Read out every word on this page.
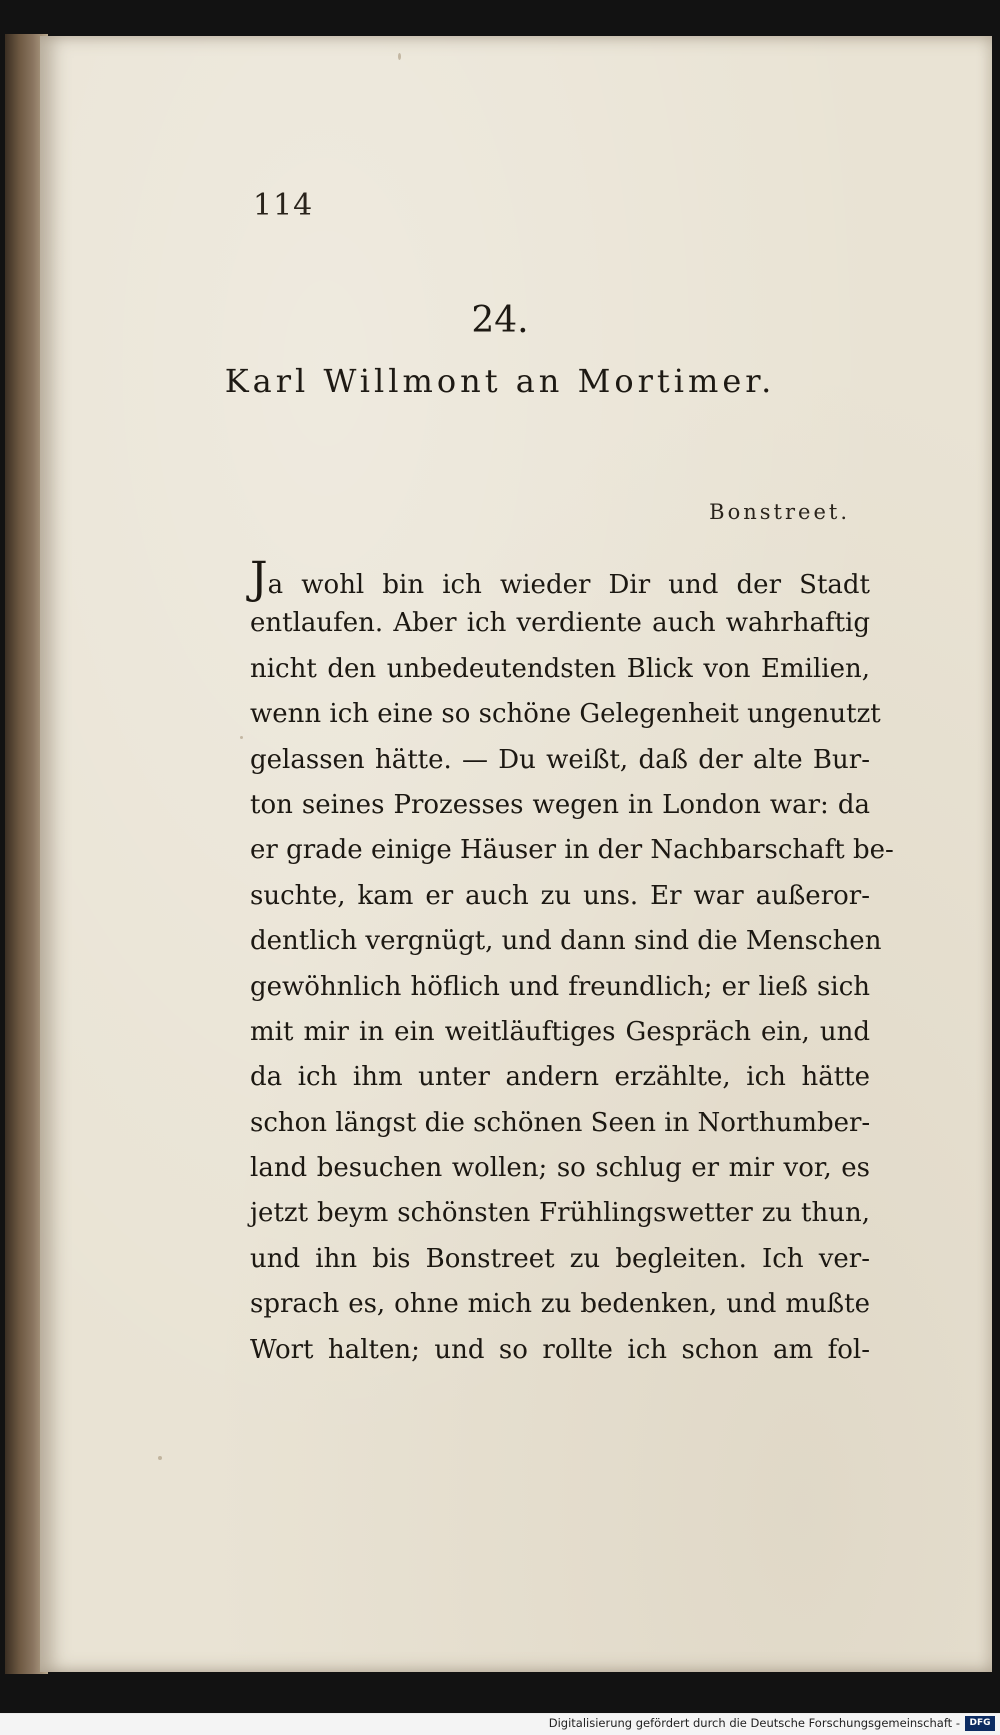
114
24.
Karl Willmont an Mortimer.
Bonstreet.
Ja wohl bin ich wieder Dir und der Stadt
entlaufen. Aber ich verdiente auch wahrhaftig
nicht den unbedeutendsten Blick von Emilien,
wenn ich eine so schöne Gelegenheit ungenutzt
gelassen hätte. — Du weißt, daß der alte Bur-
ton seines Prozesses wegen in London war: da
er grade einige Häuser in der Nachbarschaft be-
suchte, kam er auch zu uns. Er war außeror-
dentlich vergnügt, und dann sind die Menschen
gewöhnlich höflich und freundlich; er ließ sich
mit mir in ein weitläuftiges Gespräch ein, und
da ich ihm unter andern erzählte, ich hätte
schon längst die schönen Seen in Northumber-
land besuchen wollen; so schlug er mir vor, es
jetzt beym schönsten Frühlingswetter zu thun,
und ihn bis Bonstreet zu begleiten. Ich ver-
sprach es, ohne mich zu bedenken, und mußte
Wort halten; und so rollte ich schon am fol-
Digitalisierung gefördert durch die Deutsche Forschungsgemeinschaft -	DFG
